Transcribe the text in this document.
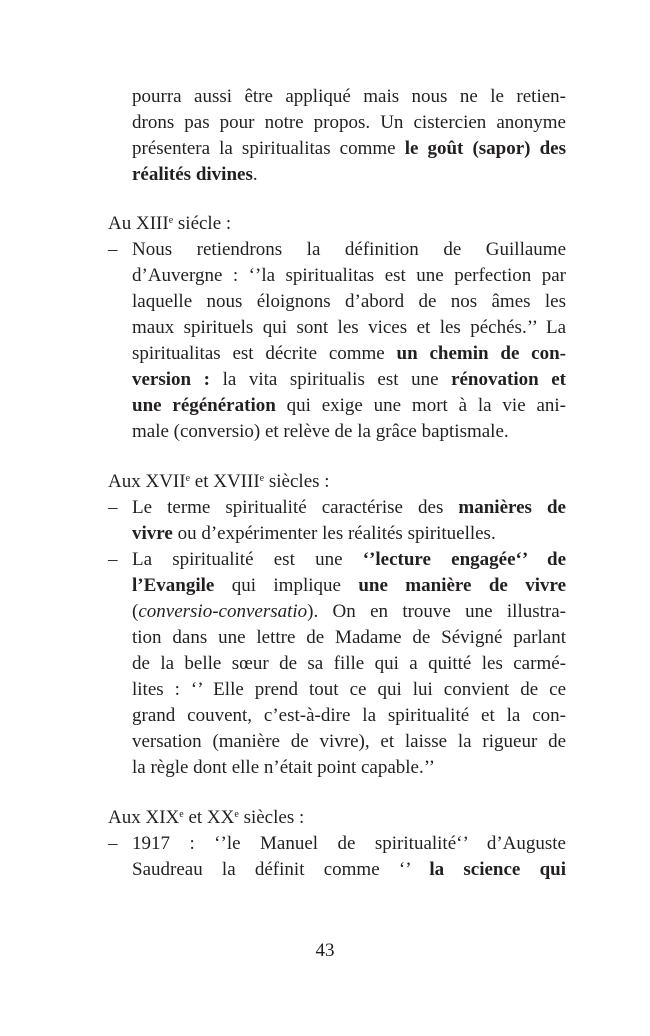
pourra aussi être appliqué mais nous ne le retien-
drons pas pour notre propos. Un cistercien anonyme
présentera la spiritualitas comme le goût (sapor) des
réalités divines.
Au XIIIe siécle :
– Nous retiendrons la définition de Guillaume
d’Auvergne : ‘’la spiritualitas est une perfection par
laquelle nous éloignons d’abord de nos âmes les
maux spirituels qui sont les vices et les péchés.’’ La
spiritualitas est décrite comme un chemin de con-
version : la vita spiritualis est une rénovation et
une régénération qui exige une mort à la vie ani-
male (conversio) et relève de la grâce baptismale.
Aux XVIIe et XVIIIe siècles :
– Le terme spiritualité caractérise des manières de
vivre ou d’expérimenter les réalités spirituelles.
– La spiritualité est une ‘’lecture engagée‘’ de
l’Evangile qui implique une manière de vivre
(conversio-conversatio). On en trouve une illustra-
tion dans une lettre de Madame de Sévigné parlant
de la belle sœur de sa fille qui a quitté les carmé-
lites : ‘’ Elle prend tout ce qui lui convient de ce
grand couvent, c’est-à-dire la spiritualité et la con-
versation (manière de vivre), et laisse la rigueur de
la règle dont elle n’était point capable.’’
Aux XIXe et XXe siècles :
– 1917 : ‘’le Manuel de spiritualité‘’ d’Auguste
Saudreau la définit comme ‘’ la science qui
43
